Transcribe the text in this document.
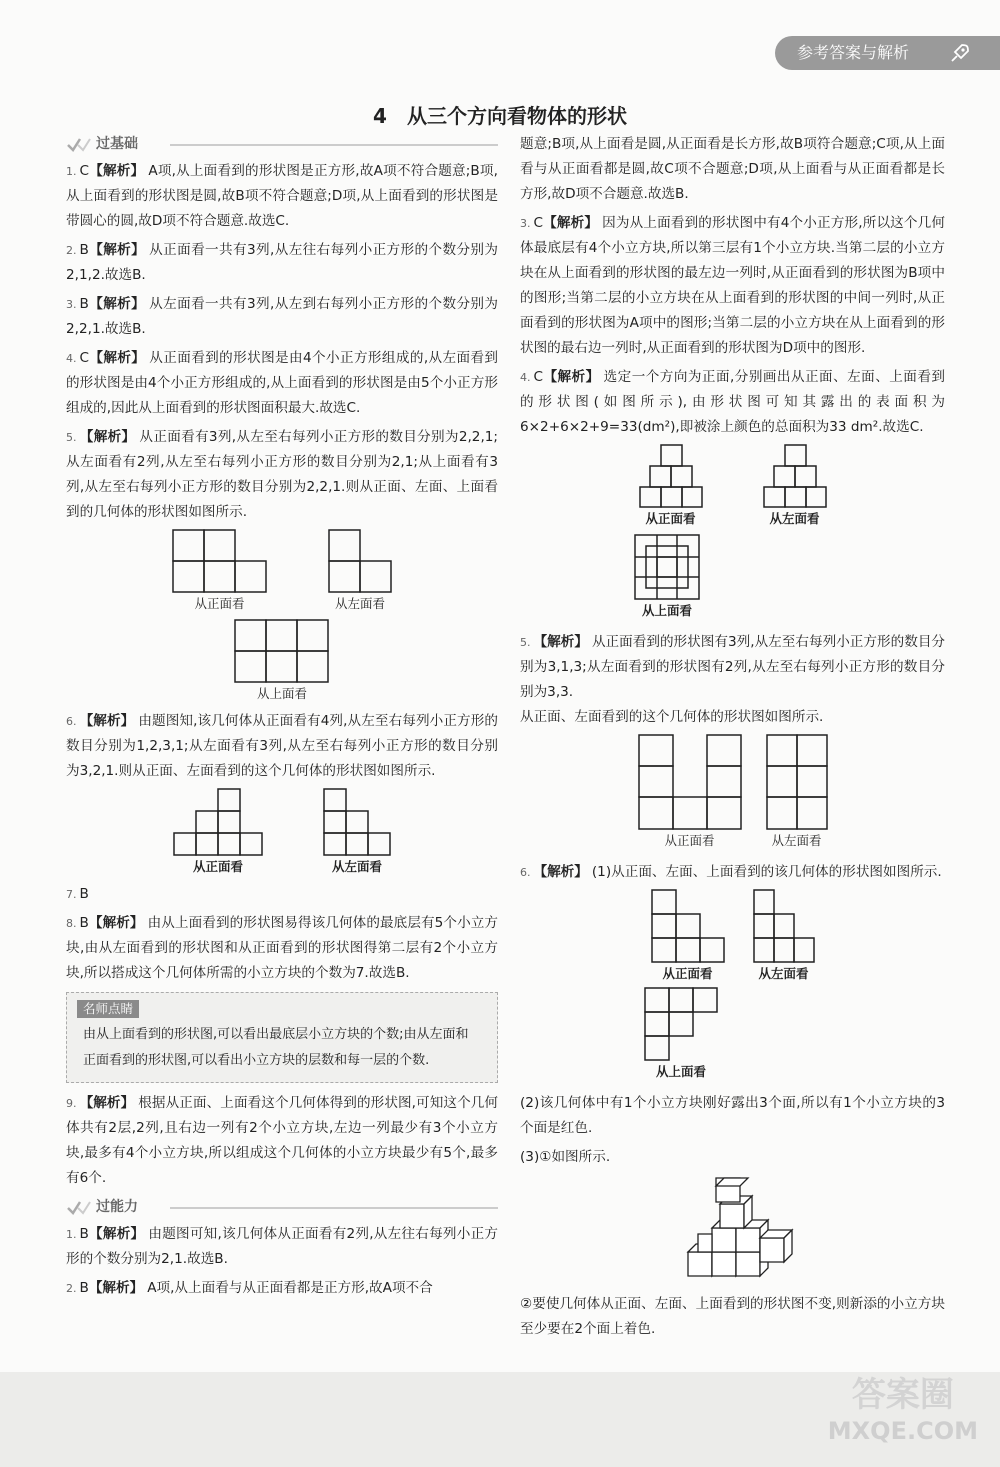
参考答案与解析
4　从三个方向看物体的形状
过基础
1. C【解析】 A项,从上面看到的形状图是正方形,故A项不符合题意;B项,从上面看到的形状图是圆,故B项不符合题意;D项,从上面看到的形状图是带圆心的圆,故D项不符合题意.故选C.
2. B【解析】 从正面看一共有3列,从左往右每列小正方形的个数分别为2,1,2.故选B.
3. B【解析】 从左面看一共有3列,从左到右每列小正方形的个数分别为2,2,1.故选B.
4. C【解析】 从正面看到的形状图是由4个小正方形组成的,从左面看到的形状图是由4个小正方形组成的,从上面看到的形状图是由5个小正方形组成的,因此从上面看到的形状图面积最大.故选C.
5. 【解析】 从正面看有3列,从左至右每列小正方形的数目分别为2,2,1;从左面看有2列,从左至右每列小正方形的数目分别为2,1;从上面看有3列,从左至右每列小正方形的数目分别为2,2,1.则从正面、左面、上面看到的几何体的形状图如图所示.
从正面看	从左面看
从上面看
6. 【解析】 由题图知,该几何体从正面看有4列,从左至右每列小正方形的数目分别为1,2,3,1;从左面看有3列,从左至右每列小正方形的数目分别为3,2,1.则从正面、左面看到的这个几何体的形状图如图所示.
从正面看	从左面看
7. B
8. B【解析】 由从上面看到的形状图易得该几何体的最底层有5个小立方块,由从左面看到的形状图和从正面看到的形状图得第二层有2个小立方块,所以搭成这个几何体所需的小立方块的个数为7.故选B.
名师点睛
由从上面看到的形状图,可以看出最底层小立方块的个数;由从左面和正面看到的形状图,可以看出小立方块的层数和每一层的个数.
9. 【解析】 根据从正面、上面看这个几何体得到的形状图,可知这个几何体共有2层,2列,且右边一列有2个小立方块,左边一列最少有3个小立方块,最多有4个小立方块,所以组成这个几何体的小立方块最少有5个,最多有6个.
过能力
1. B【解析】 由题图可知,该几何体从正面看有2列,从左往右每列小正方形的个数分别为2,1.故选B.
2. B【解析】 A项,从上面看与从正面看都是正方形,故A项不合
题意;B项,从上面看是圆,从正面看是长方形,故B项符合题意;C项,从上面看与从正面看都是圆,故C项不合题意;D项,从上面看与从正面看都是长方形,故D项不合题意.故选B.
3. C【解析】 因为从上面看到的形状图中有4个小正方形,所以这个几何体最底层有4个小立方块,所以第三层有1个小立方块.当第二层的小立方块在从上面看到的形状图的最左边一列时,从正面看到的形状图为B项中的图形;当第二层的小立方块在从上面看到的形状图的中间一列时,从正面看到的形状图为A项中的图形;当第二层的小立方块在从上面看到的形状图的最右边一列时,从正面看到的形状图为D项中的图形.
4. C【解析】 选定一个方向为正面,分别画出从正面、左面、上面看到的形状图(如图所示),由形状图可知其露出的表面积为6×2+6×2+9=33(dm²),即被涂上颜色的总面积为33 dm².故选C.
从正面看	从左面看
从上面看
5. 【解析】 从正面看到的形状图有3列,从左至右每列小正方形的数目分别为3,1,3;从左面看到的形状图有2列,从左至右每列小正方形的数目分别为3,3.
从正面、左面看到的这个几何体的形状图如图所示.
从正面看	从左面看
6. 【解析】 (1)从正面、左面、上面看到的该几何体的形状图如图所示.
从正面看	从左面看
从上面看
(2)该几何体中有1个小立方块刚好露出3个面,所以有1个小立方块的3个面是红色.
(3)①如图所示.
②要使几何体从正面、左面、上面看到的形状图不变,则新添的小立方块至少要在2个面上着色.
答案圈
MXQE.COM
